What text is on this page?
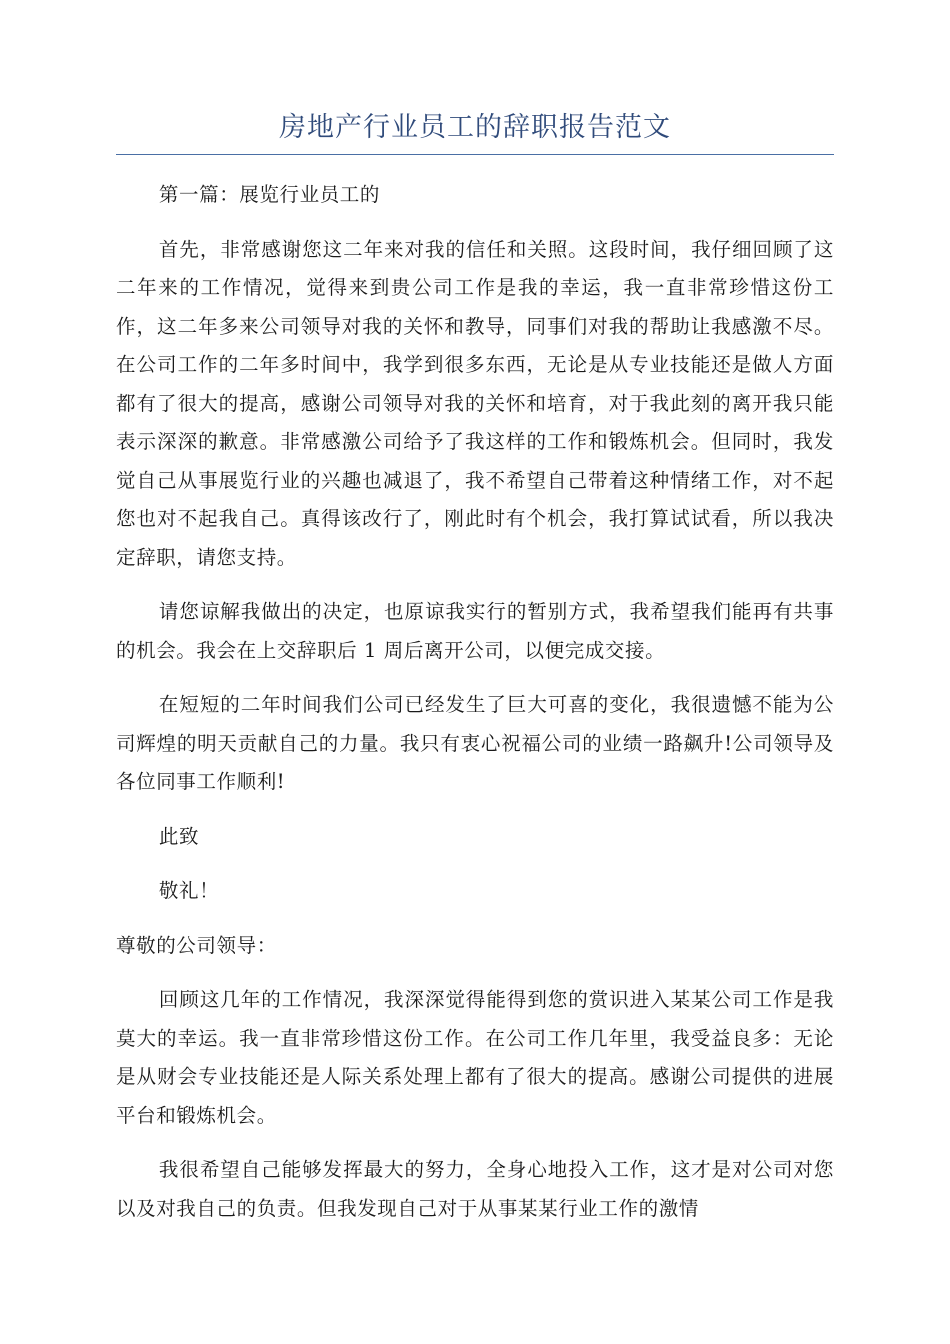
房地产行业员工的辞职报告范文

第一篇：展览行业员工的

首先，非常感谢您这二年来对我的信任和关照。这段时间，我仔细回顾了这二年来的工作情况，觉得来到贵公司工作是我的幸运，我一直非常珍惜这份工作，这二年多来公司领导对我的关怀和教导，同事们对我的帮助让我感激不尽。在公司工作的二年多时间中，我学到很多东西，无论是从专业技能还是做人方面都有了很大的提高，感谢公司领导对我的关怀和培育，对于我此刻的离开我只能表示深深的歉意。非常感激公司给予了我这样的工作和锻炼机会。但同时，我发觉自己从事展览行业的兴趣也减退了，我不希望自己带着这种情绪工作，对不起您也对不起我自己。真得该改行了，刚此时有个机会，我打算试试看，所以我决定辞职，请您支持。

请您谅解我做出的决定，也原谅我实行的暂别方式，我希望我们能再有共事的机会。我会在上交辞职后 1 周后离开公司，以便完成交接。

在短短的二年时间我们公司已经发生了巨大可喜的变化，我很遗憾不能为公司辉煌的明天贡献自己的力量。我只有衷心祝福公司的业绩一路飙升!公司领导及各位同事工作顺利!

此致

敬礼！

尊敬的公司领导：

回顾这几年的工作情况，我深深觉得能得到您的赏识进入某某公司工作是我莫大的幸运。我一直非常珍惜这份工作。在公司工作几年里，我受益良多：无论是从财会专业技能还是人际关系处理上都有了很大的提高。感谢公司提供的进展平台和锻炼机会。

我很希望自己能够发挥最大的努力，全身心地投入工作，这才是对公司对您以及对我自己的负责。但我发现自己对于从事某某行业工作的激情
